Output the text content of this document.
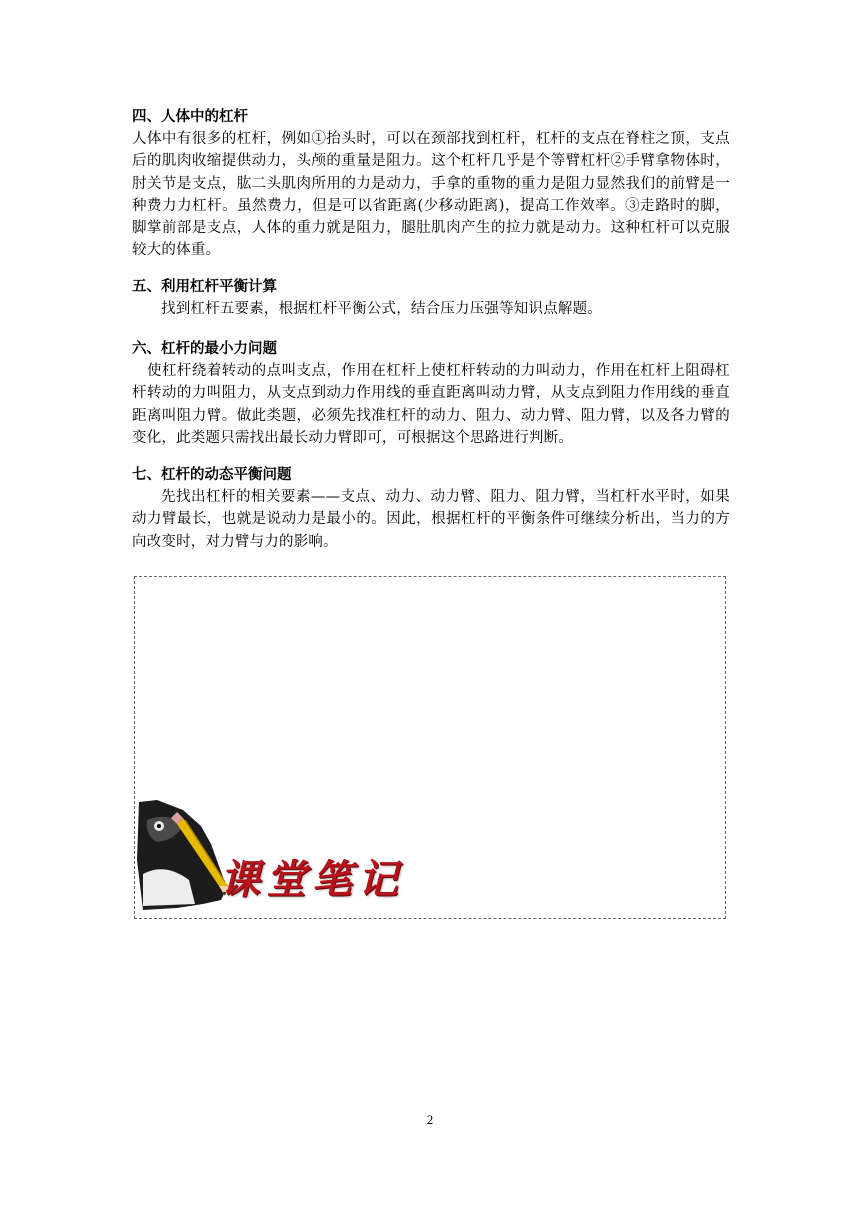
四、人体中的杠杆

人体中有很多的杠杆，例如①抬头时，可以在颈部找到杠杆，杠杆的支点在脊柱之顶，支点后的肌肉收缩提供动力，头颅的重量是阻力。这个杠杆几乎是个等臂杠杆②手臂拿物体时，肘关节是支点，肱二头肌肉所用的力是动力，手拿的重物的重力是阻力显然我们的前臂是一种费力力杠杆。虽然费力，但是可以省距离(少移动距离)，提高工作效率。③走路时的脚，脚掌前部是支点，人体的重力就是阻力，腿肚肌肉产生的拉力就是动力。这种杠杆可以克服较大的体重。

五、利用杠杆平衡计算

找到杠杆五要素，根据杠杆平衡公式，结合压力压强等知识点解题。

六、杠杆的最小力问题

使杠杆绕着转动的点叫支点，作用在杠杆上使杠杆转动的力叫动力，作用在杠杆上阻碍杠杆转动的力叫阻力，从支点到动力作用线的垂直距离叫动力臂，从支点到阻力作用线的垂直距离叫阻力臂。做此类题，必须先找准杠杆的动力、阻力、动力臂、阻力臂，以及各力臂的变化，此类题只需找出最长动力臂即可，可根据这个思路进行判断。

七、杠杆的动态平衡问题

先找出杠杆的相关要素——支点、动力、动力臂、阻力、阻力臂，当杠杆水平时，如果动力臂最长，也就是说动力是最小的。因此，根据杠杆的平衡条件可继续分析出，当力的方向改变时，对力臂与力的影响。

课堂笔记
2
